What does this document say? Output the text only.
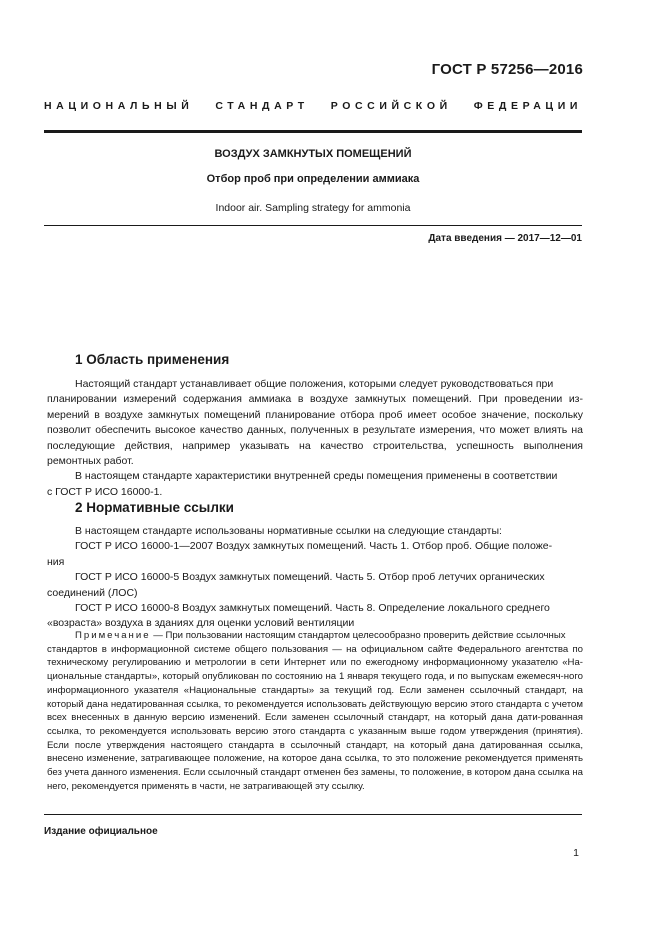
ГОСТ Р 57256—2016
НАЦИОНАЛЬНЫЙ СТАНДАРТ РОССИЙСКОЙ ФЕДЕРАЦИИ
ВОЗДУХ ЗАМКНУТЫХ ПОМЕЩЕНИЙ
Отбор проб при определении аммиака
Indoor air. Sampling strategy for ammonia
Дата введения — 2017—12—01
1 Область применения

Настоящий стандарт устанавливает общие положения, которыми следует руководствоваться при

планировании измерений содержания аммиака в воздухе замкнутых помещений. При проведении из-мерений в воздухе замкнутых помещений планирование отбора проб имеет особое значение, поскольку позволит обеспечить высокое качество данных, полученных в результате измерения, что может влиять на последующие действия, например указывать на качество строительства, успешность выполнения ремонтных работ.

В настоящем стандарте характеристики внутренней среды помещения применены в соответствии

с ГОСТ Р ИСО 16000-1.

2 Нормативные ссылки

В настоящем стандарте использованы нормативные ссылки на следующие стандарты:

ГОСТ Р ИСО 16000-1—2007 Воздух замкнутых помещений. Часть 1. Отбор проб. Общие положе-

ния

ГОСТ Р ИСО 16000-5 Воздух замкнутых помещений. Часть 5. Отбор проб летучих органических

соединений (ЛОС)

ГОСТ Р ИСО 16000-8 Воздух замкнутых помещений. Часть 8. Определение локального среднего

«возраста» воздуха в зданиях для оценки условий вентиляции

Примечание — При пользовании настоящим стандартом целесообразно проверить действие ссылочных
стандартов в информационной системе общего пользования — на официальном сайте Федерального агентства по техническому регулированию и метрологии в сети Интернет или по ежегодному информационному указателю «На-циональные стандарты», который опубликован по состоянию на 1 января текущего года, и по выпускам ежемесяч-ного информационного указателя «Национальные стандарты» за текущий год. Если заменен ссылочный стандарт, на который дана недатированная ссылка, то рекомендуется использовать действующую версию этого стандарта с учетом всех внесенных в данную версию изменений. Если заменен ссылочный стандарт, на который дана дати-рованная ссылка, то рекомендуется использовать версию этого стандарта с указанным выше годом утверждения (принятия). Если после утверждения настоящего стандарта в ссылочный стандарт, на который дана датированная ссылка, внесено изменение, затрагивающее положение, на которое дана ссылка, то это положение рекомендуется применять без учета данного изменения. Если ссылочный стандарт отменен без замены, то положение, в котором дана ссылка на него, рекомендуется применять в части, не затрагивающей эту ссылку.
Издание официальное
1
